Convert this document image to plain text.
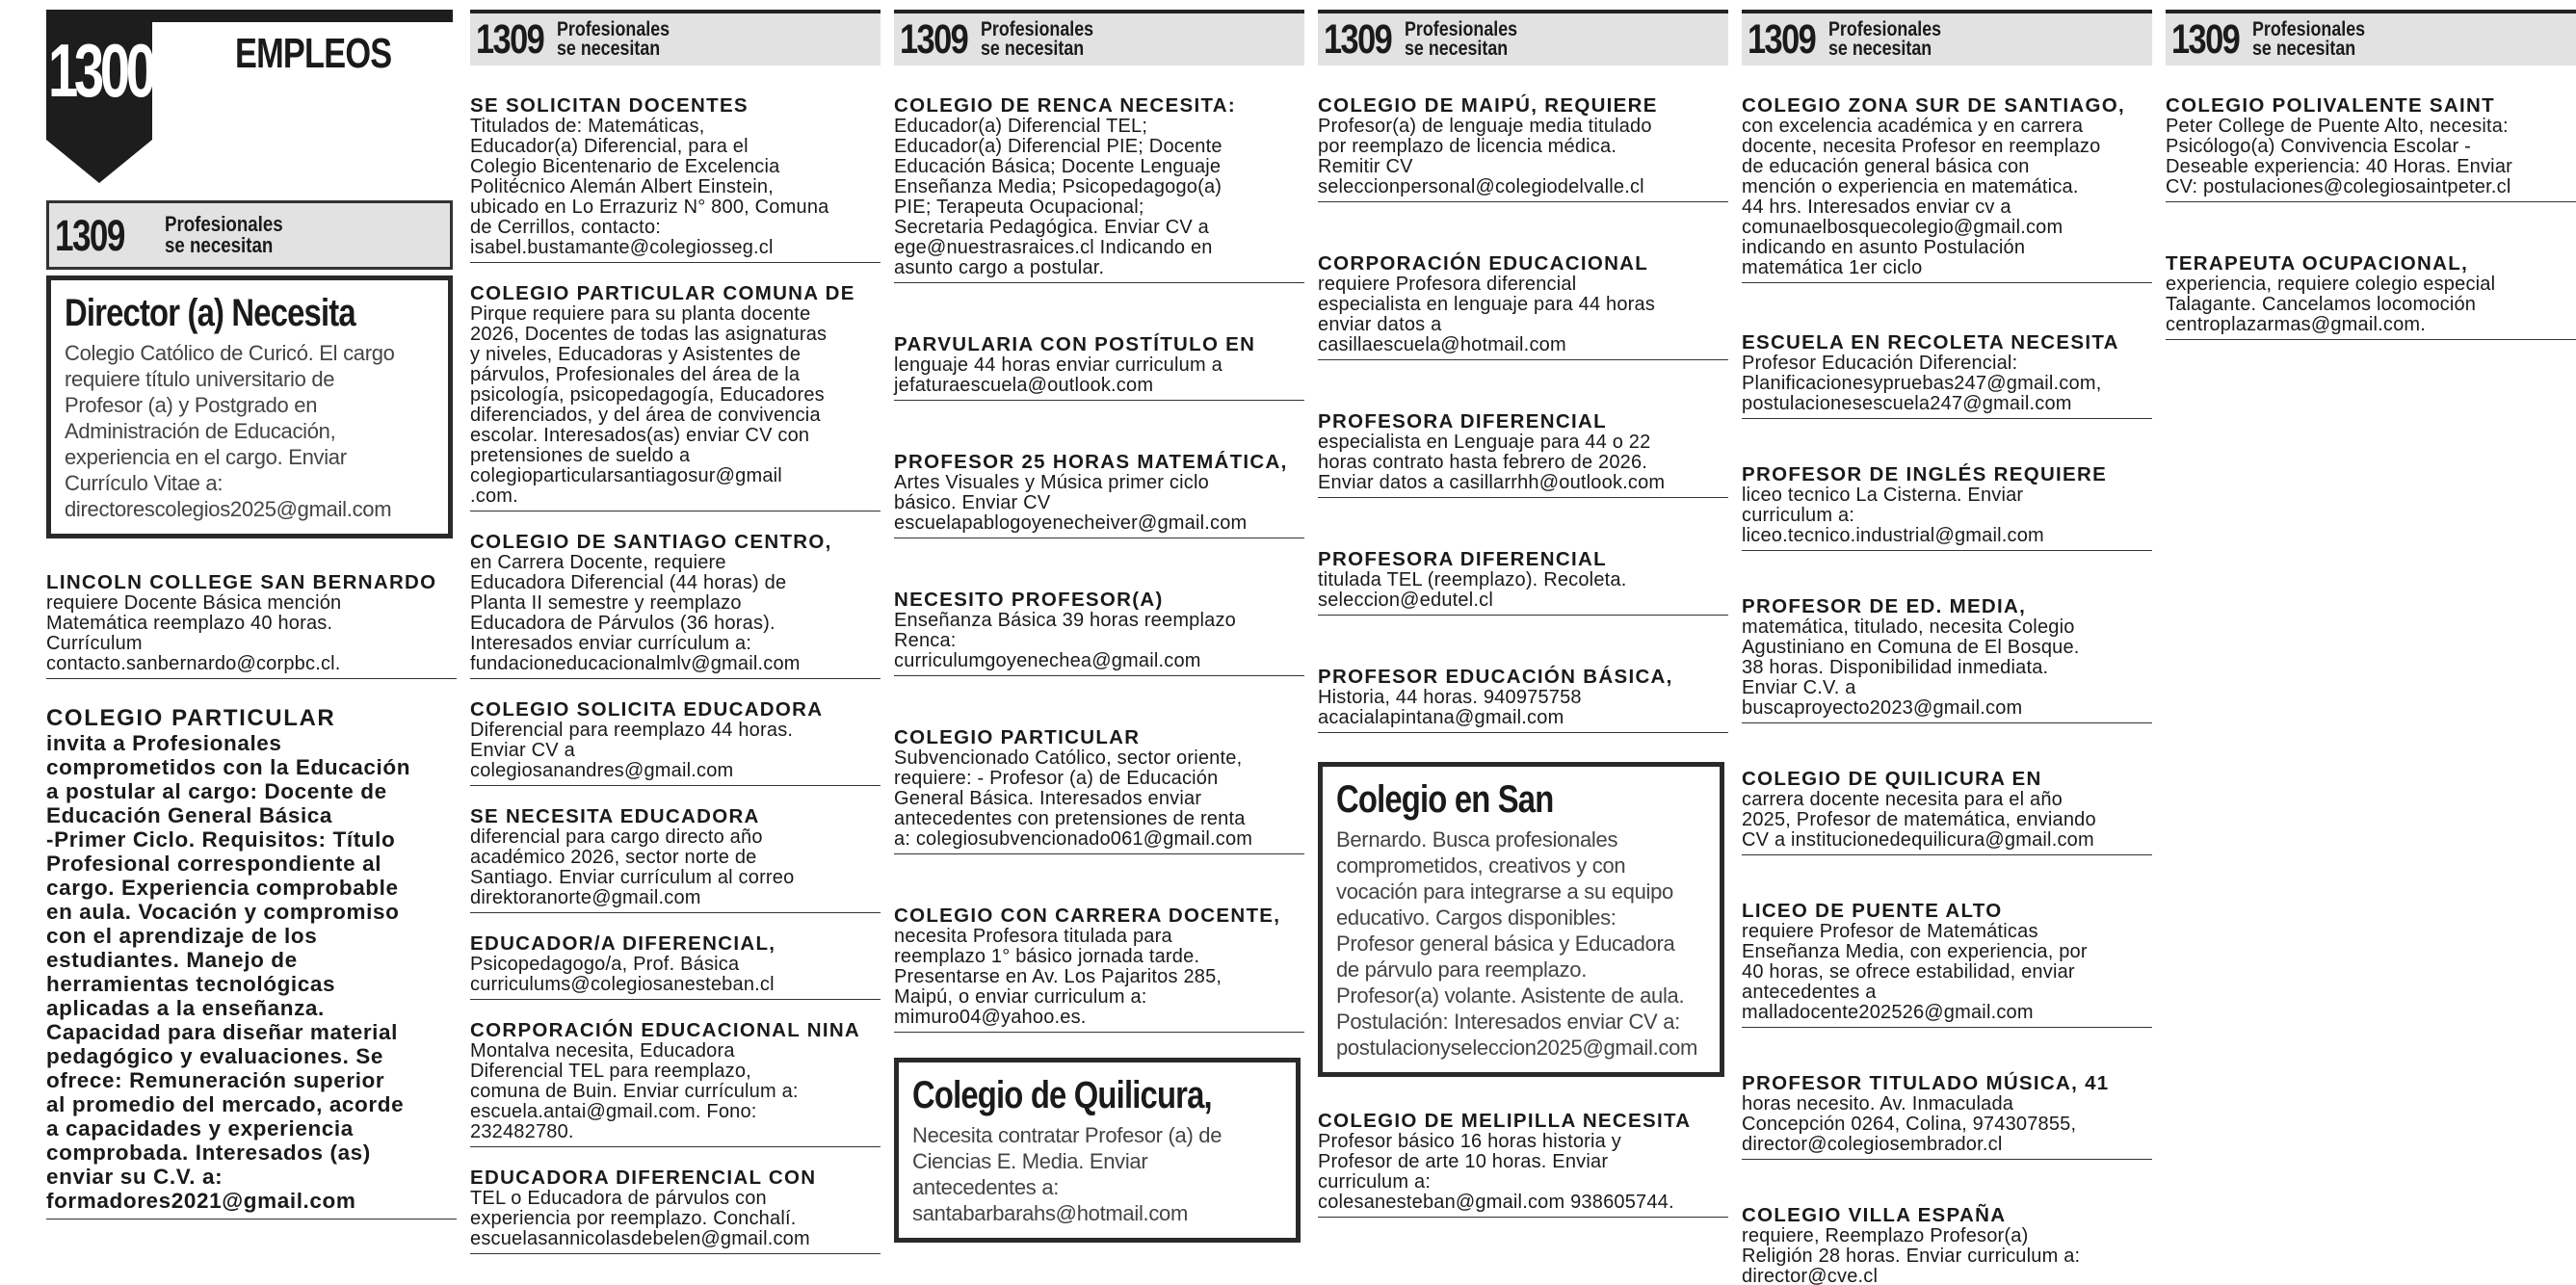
1300 EMPLEOS
1309	Profesionales
se necesitan
Director (a) Necesita
Colegio Católico de Curicó. El cargo
requiere título universitario de
Profesor (a) y Postgrado en
Administración de Educación,
experiencia en el cargo. Enviar
Currículo Vitae a:
directorescolegios2025@gmail.com
LINCOLN COLLEGE SAN BERNARDO
requiere Docente Básica mención
Matemática reemplazo 40 horas.
Currículum
contacto.sanbernardo@corpbc.cl.
COLEGIO PARTICULAR
invita a Profesionales
comprometidos con la Educación
a postular al cargo: Docente de
Educación General Básica
-Primer Ciclo. Requisitos: Título
Profesional correspondiente al
cargo. Experiencia comprobable
en aula. Vocación y compromiso
con el aprendizaje de los
estudiantes. Manejo de
herramientas tecnológicas
aplicadas a la enseñanza.
Capacidad para diseñar material
pedagógico y evaluaciones. Se
ofrece: Remuneración superior
al promedio del mercado, acorde
a capacidades y experiencia
comprobada. Interesados (as)
enviar su C.V. a:
formadores2021@gmail.com
1309 Profesionales
se necesitan
SE SOLICITAN DOCENTES
Titulados de: Matemáticas,
Educador(a) Diferencial, para el
Colegio Bicentenario de Excelencia
Politécnico Alemán Albert Einstein,
ubicado en Lo Errazuriz N° 800, Comuna
de Cerrillos, contacto:
isabel.bustamante@colegiosseg.cl
COLEGIO PARTICULAR COMUNA DE
Pirque requiere para su planta docente
2026, Docentes de todas las asignaturas
y niveles, Educadoras y Asistentes de
párvulos, Profesionales del área de la
psicología, psicopedagogía, Educadores
diferenciados, y del área de convivencia
escolar. Interesados(as) enviar CV con
pretensiones de sueldo a
colegioparticularsantiagosur@gmail
.com.
COLEGIO DE SANTIAGO CENTRO,
en Carrera Docente, requiere
Educadora Diferencial (44 horas) de
Planta II semestre y reemplazo
Educadora de Párvulos (36 horas).
Interesados enviar currículum a:
fundacioneducacionalmlv@gmail.com
COLEGIO SOLICITA EDUCADORA
Diferencial para reemplazo 44 horas.
Enviar CV a
colegiosanandres@gmail.com
SE NECESITA EDUCADORA
diferencial para cargo directo año
académico 2026, sector norte de
Santiago. Enviar currículum al correo
direktoranorte@gmail.com
EDUCADOR/A DIFERENCIAL,
Psicopedagogo/a, Prof. Básica
curriculums@colegiosanesteban.cl
CORPORACIÓN EDUCACIONAL NINA
Montalva necesita, Educadora
Diferencial TEL para reemplazo,
comuna de Buin. Enviar currículum a:
escuela.antai@gmail.com. Fono:
232482780.
EDUCADORA DIFERENCIAL CON
TEL o Educadora de párvulos con
experiencia por reemplazo. Conchalí.
escuelasannicolasdebelen@gmail.com
1309 Profesionales
se necesitan
COLEGIO DE RENCA NECESITA:
Educador(a) Diferencial TEL;
Educador(a) Diferencial PIE; Docente
Educación Básica; Docente Lenguaje
Enseñanza Media; Psicopedagogo(a)
PIE; Terapeuta Ocupacional;
Secretaria Pedagógica. Enviar CV a
ege@nuestrasraices.cl Indicando en
asunto cargo a postular.
PARVULARIA CON POSTÍTULO EN
lenguaje 44 horas enviar curriculum a
jefaturaescuela@outlook.com
PROFESOR 25 HORAS MATEMÁTICA,
Artes Visuales y Música primer ciclo
básico. Enviar CV
escuelapablogoyenecheiver@gmail.com
NECESITO PROFESOR(A)
Enseñanza Básica 39 horas reemplazo
Renca:
curriculumgoyenechea@gmail.com
COLEGIO PARTICULAR
Subvencionado Católico, sector oriente,
requiere: - Profesor (a) de Educación
General Básica. Interesados enviar
antecedentes con pretensiones de renta
a: colegiosubvencionado061@gmail.com
COLEGIO CON CARRERA DOCENTE,
necesita Profesora titulada para
reemplazo 1° básico jornada tarde.
Presentarse en Av. Los Pajaritos 285,
Maipú, o enviar curriculum a:
mimuro04@yahoo.es.
Colegio de Quilicura,
Necesita contratar Profesor (a) de
Ciencias E. Media. Enviar
antecedentes a:
santabarbarahs@hotmail.com
1309 Profesionales
se necesitan
COLEGIO DE MAIPÚ, REQUIERE
Profesor(a) de lenguaje media titulado
por reemplazo de licencia médica.
Remitir CV
seleccionpersonal@colegiodelvalle.cl
CORPORACIÓN EDUCACIONAL
requiere Profesora diferencial
especialista en lenguaje para 44 horas
enviar datos a
casillaescuela@hotmail.com
PROFESORA DIFERENCIAL
especialista en Lenguaje para 44 o 22
horas contrato hasta febrero de 2026.
Enviar datos a casillarrhh@outlook.com
PROFESORA DIFERENCIAL
titulada TEL (reemplazo). Recoleta.
seleccion@edutel.cl
PROFESOR EDUCACIÓN BÁSICA,
Historia, 44 horas. 940975758
acacialapintana@gmail.com
Colegio en San
Bernardo. Busca profesionales
comprometidos, creativos y con
vocación para integrarse a su equipo
educativo. Cargos disponibles:
Profesor general básica y Educadora
de párvulo para reemplazo.
Profesor(a) volante. Asistente de aula.
Postulación: Interesados enviar CV a:
postulacionyseleccion2025@gmail.com
COLEGIO DE MELIPILLA NECESITA
Profesor básico 16 horas historia y
Profesor de arte 10 horas. Enviar
curriculum a:
colesanesteban@gmail.com 938605744.
1309 Profesionales
se necesitan
COLEGIO ZONA SUR DE SANTIAGO,
con excelencia académica y en carrera
docente, necesita Profesor en reemplazo
de educación general básica con
mención o experiencia en matemática.
44 hrs. Interesados enviar cv a
comunaelbosquecolegio@gmail.com
indicando en asunto Postulación
matemática 1er ciclo
ESCUELA EN RECOLETA NECESITA
Profesor Educación Diferencial:
Planificacionesypruebas247@gmail.com,
postulacionesescuela247@gmail.com
PROFESOR DE INGLÉS REQUIERE
liceo tecnico La Cisterna. Enviar
curriculum a:
liceo.tecnico.industrial@gmail.com
PROFESOR DE ED. MEDIA,
matemática, titulado, necesita Colegio
Agustiniano en Comuna de El Bosque.
38 horas. Disponibilidad inmediata.
Enviar C.V. a
buscaproyecto2023@gmail.com
COLEGIO DE QUILICURA EN
carrera docente necesita para el año
2025, Profesor de matemática, enviando
CV a institucionedequilicura@gmail.com
LICEO DE PUENTE ALTO
requiere Profesor de Matemáticas
Enseñanza Media, con experiencia, por
40 horas, se ofrece estabilidad, enviar
antecedentes a
malladocente202526@gmail.com
PROFESOR TITULADO MÚSICA, 41
horas necesito. Av. Inmaculada
Concepción 0264, Colina, 974307855,
director@colegiosembrador.cl
COLEGIO VILLA ESPAÑA
requiere, Reemplazo Profesor(a)
Religión 28 horas. Enviar curriculum a:
director@cve.cl
1309 Profesionales
se necesitan
COLEGIO POLIVALENTE SAINT
Peter College de Puente Alto, necesita:
Psicólogo(a) Convivencia Escolar -
Deseable experiencia: 40 Horas. Enviar
CV: postulaciones@colegiosaintpeter.cl
TERAPEUTA OCUPACIONAL,
experiencia, requiere colegio especial
Talagante. Cancelamos locomoción
centroplazarmas@gmail.com.
